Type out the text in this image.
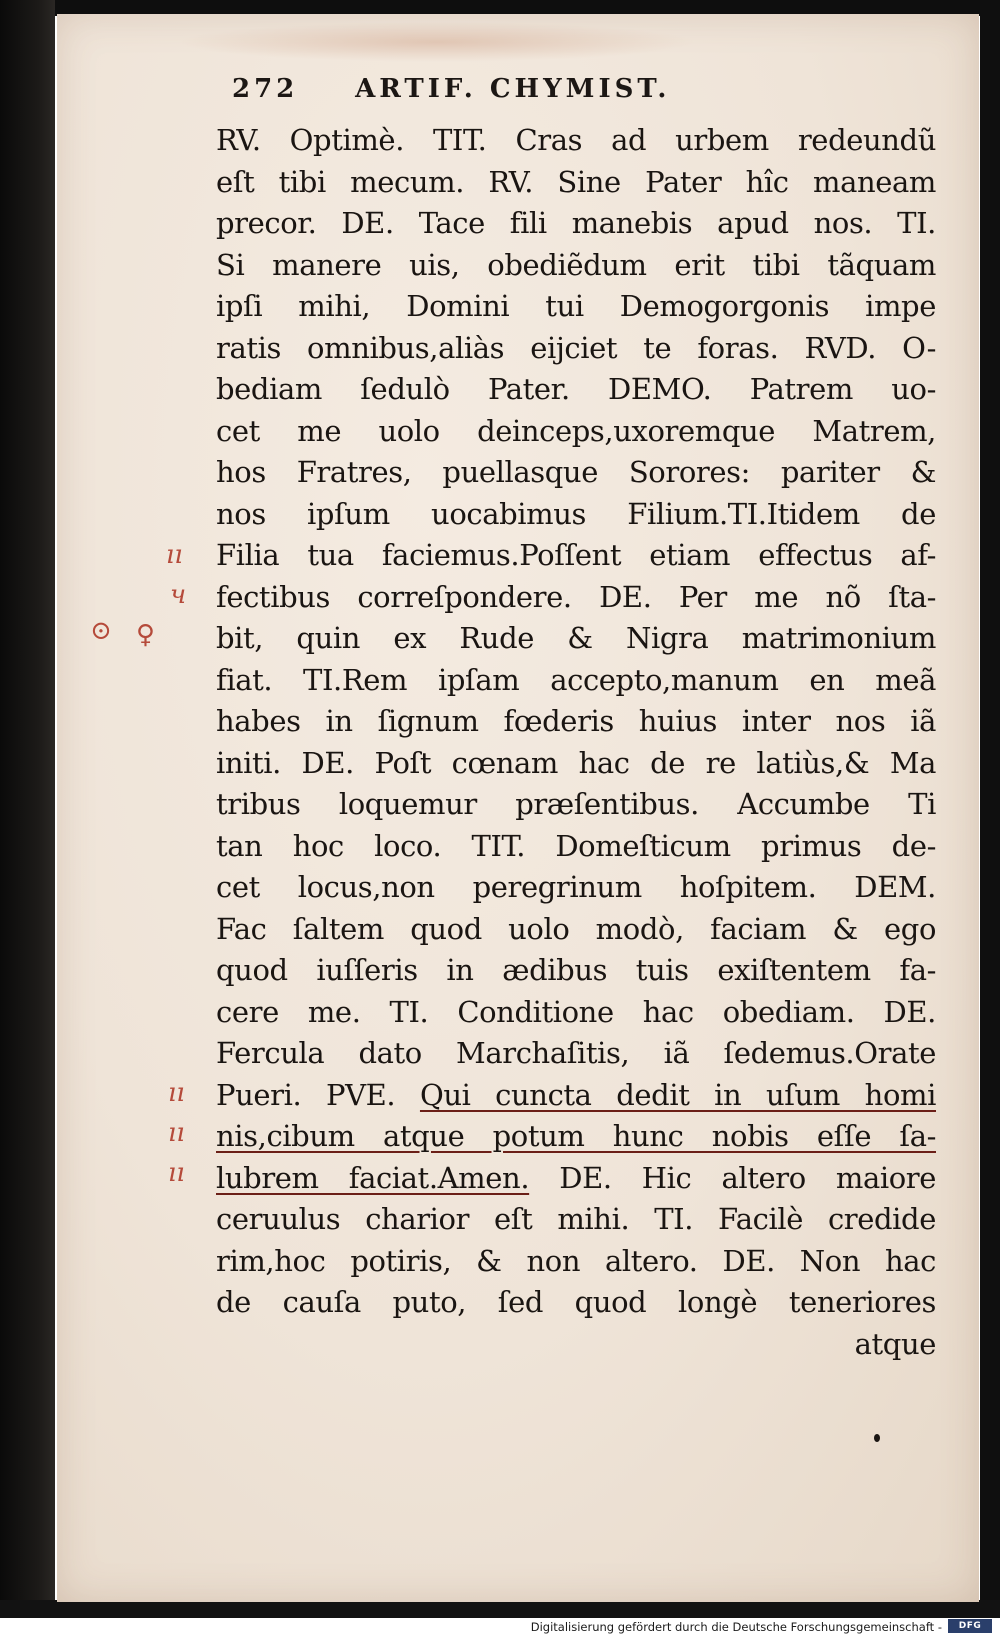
272 ARTIF. CHYMIST.
RV. Optimè. TIT. Cras ad urbem redeundũ
eſt tibi mecum. RV. Sine Pater hîc maneam
precor. DE. Tace fili manebis apud nos. TI.
Si manere uis, obediẽdum erit tibi tãquam
ipſi mihi, Domini tui Demogorgonis impe
ratis omnibus,aliàs eijciet te foras. RVD. O-
bediam ſedulò Pater. DEMO. Patrem uo-
cet me uolo deinceps,uxoremque Matrem,
hos Fratres, puellasque Sorores: pariter &
nos ipſum uocabimus Filium.TI.Itidem de
Filia tua faciemus.Poſſent etiam effectus af-
fectibus correſpondere. DE. Per me nõ ſta-
bit, quin ex Rude & Nigra matrimonium
fiat. TI.Rem ipſam accepto,manum en meã
habes in ſignum fœderis huius inter nos iã
initi. DE. Poſt cœnam hac de re latiùs,& Ma
tribus loquemur præſentibus. Accumbe Ti
tan hoc loco. TIT. Domeſticum primus de-
cet locus,non peregrinum hoſpitem. DEM.
Fac ſaltem quod uolo modò, faciam & ego
quod iuſſeris in ædibus tuis exiſtentem fa-
cere me. TI. Conditione hac obediam. DE.
Fercula dato Marchaſitis, iã ſedemus.Orate
Pueri. PVE. Qui cuncta dedit in uſum homi
nis,cibum atque potum hunc nobis eſſe ſa-
lubrem faciat.Amen. DE. Hic altero maiore
ceruulus charior eſt mihi. TI. Facilè credide
rim,hoc potiris, & non altero. DE. Non hac
de cauſa puto, ſed quod longè teneriores
atque
ıı
ч
⊙ ♀
ıı
ıı
ıı
Digitalisierung gefördert durch die Deutsche Forschungsgemeinschaft -	DFG
